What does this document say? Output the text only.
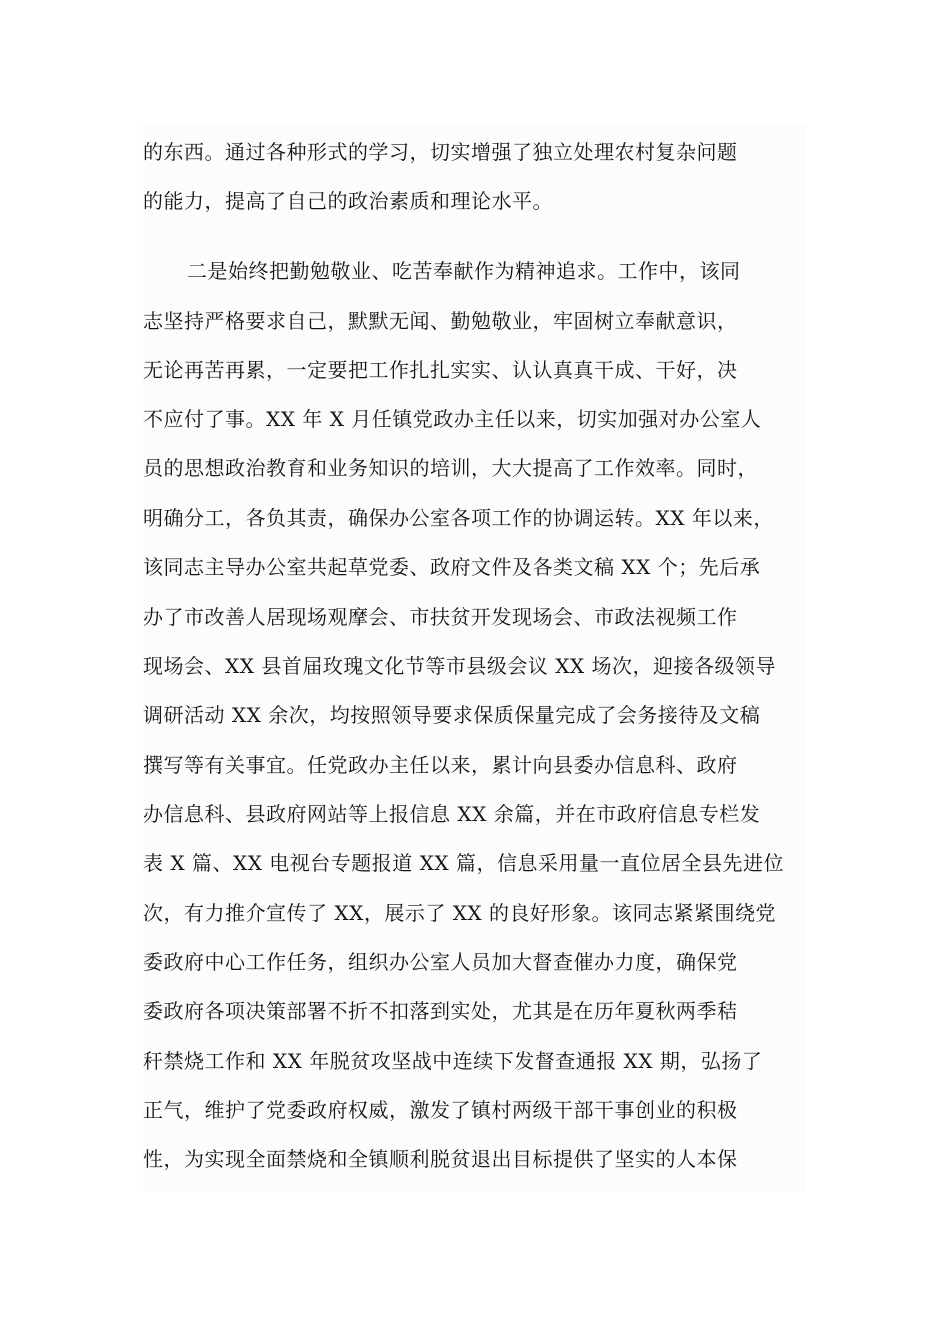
的东西。通过各种形式的学习，切实增强了独立处理农村复杂问题
的能力，提高了自己的政治素质和理论水平。
二是始终把勤勉敬业、吃苦奉献作为精神追求。工作中，该同
志坚持严格要求自己，默默无闻、勤勉敬业，牢固树立奉献意识，
无论再苦再累，一定要把工作扎扎实实、认认真真干成、干好，决
不应付了事。XX 年 X 月任镇党政办主任以来，切实加强对办公室人
员的思想政治教育和业务知识的培训，大大提高了工作效率。同时，
明确分工，各负其责，确保办公室各项工作的协调运转。XX 年以来，
该同志主导办公室共起草党委、政府文件及各类文稿 XX 个；先后承
办了市改善人居现场观摩会、市扶贫开发现场会、市政法视频工作
现场会、XX 县首届玫瑰文化节等市县级会议 XX 场次，迎接各级领导
调研活动 XX 余次，均按照领导要求保质保量完成了会务接待及文稿
撰写等有关事宜。任党政办主任以来，累计向县委办信息科、政府
办信息科、县政府网站等上报信息 XX 余篇，并在市政府信息专栏发
表 X 篇、XX 电视台专题报道 XX 篇，信息采用量一直位居全县先进位
次，有力推介宣传了 XX，展示了 XX 的良好形象。该同志紧紧围绕党
委政府中心工作任务，组织办公室人员加大督查催办力度，确保党
委政府各项决策部署不折不扣落到实处，尤其是在历年夏秋两季秸
秆禁烧工作和 XX 年脱贫攻坚战中连续下发督查通报 XX 期，弘扬了
正气，维护了党委政府权威，激发了镇村两级干部干事创业的积极
性，为实现全面禁烧和全镇顺利脱贫退出目标提供了坚实的人本保
